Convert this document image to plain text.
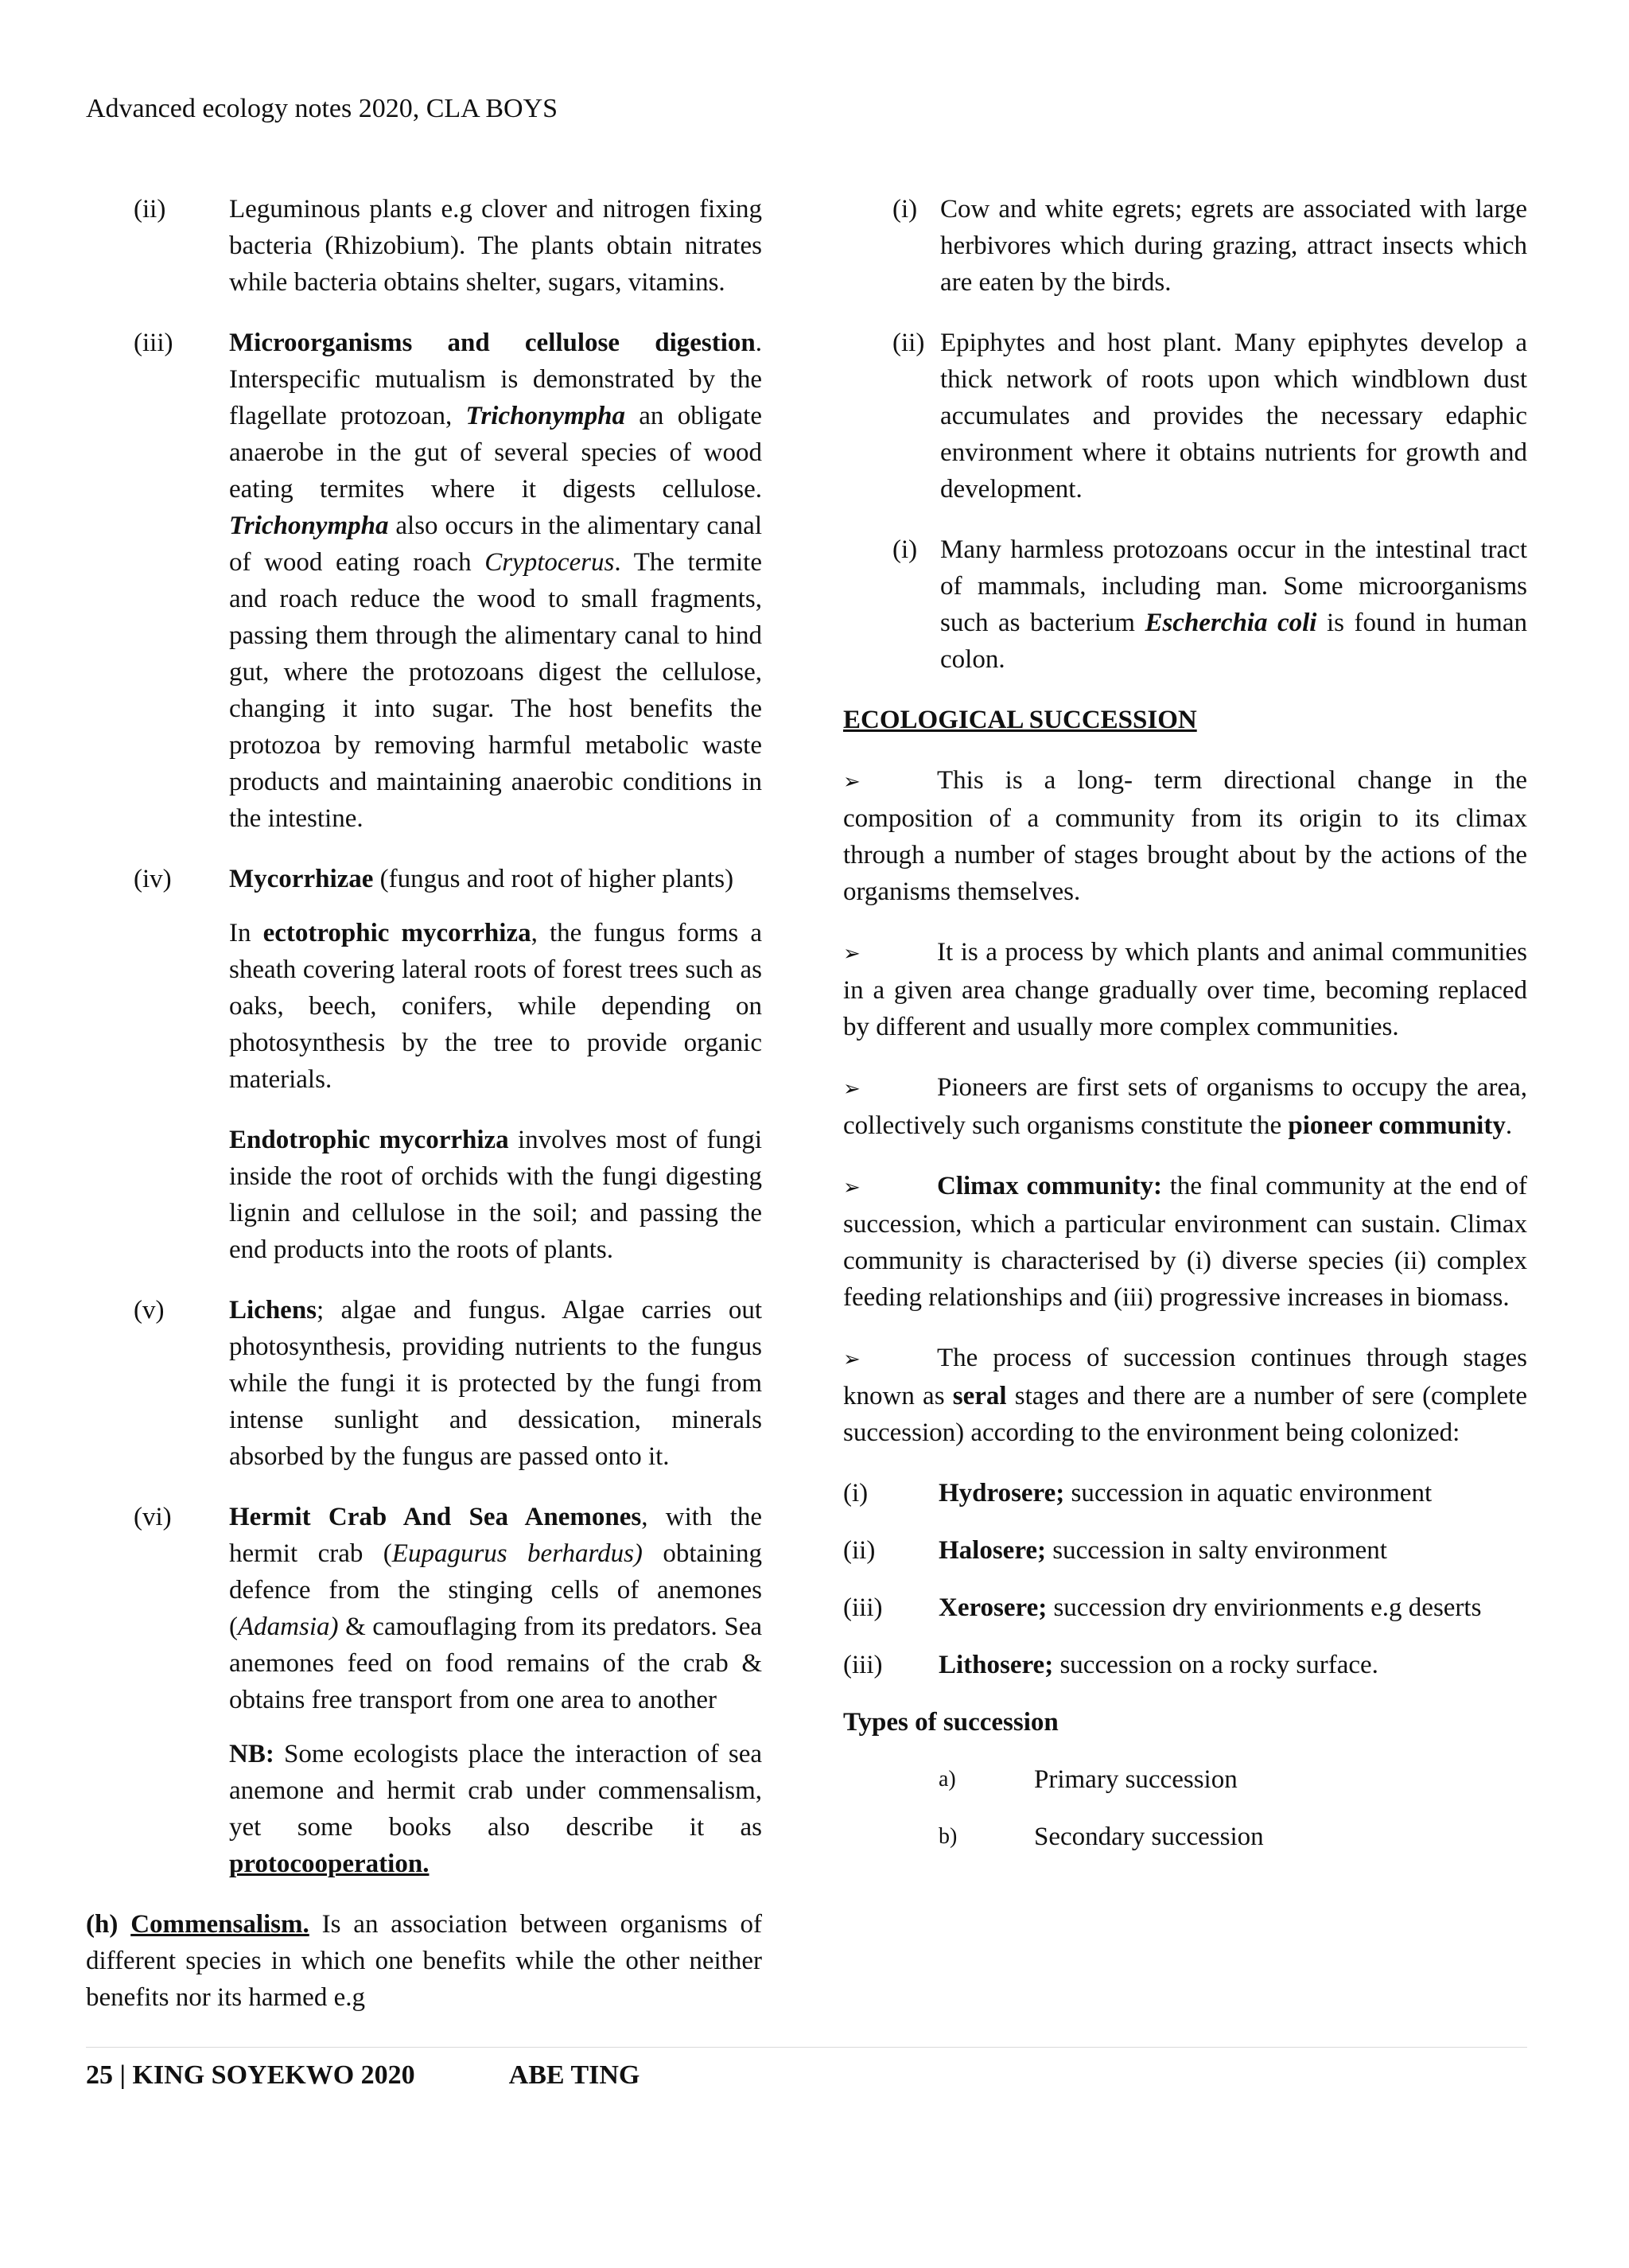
Advanced ecology notes 2020, CLA BOYS
(ii)	Leguminous plants e.g clover and nitrogen fixing bacteria (Rhizobium). The plants obtain nitrates while bacteria obtains shelter, sugars, vitamins.
(iii)	Microorganisms and cellulose digestion. Interspecific mutualism is demonstrated by the flagellate protozoan, Trichonympha an obligate anaerobe in the gut of several species of wood eating termites where it digests cellulose. Trichonympha also occurs in the alimentary canal of wood eating roach Cryptocerus. The termite and roach reduce the wood to small fragments, passing them through the alimentary canal to hind gut, where the protozoans digest the cellulose, changing it into sugar. The host benefits the protozoa by removing harmful metabolic waste products and maintaining anaerobic conditions in the intestine.
(iv)	Mycorrhizae (fungus and root of higher plants)
In ectotrophic mycorrhiza, the fungus forms a sheath covering lateral roots of forest trees such as oaks, beech, conifers, while depending on photosynthesis by the tree to provide organic materials.
Endotrophic mycorrhiza involves most of fungi inside the root of orchids with the fungi digesting lignin and cellulose in the soil; and passing the end products into the roots of plants.
(v)	Lichens; algae and fungus. Algae carries out photosynthesis, providing nutrients to the fungus while the fungi it is protected by the fungi from intense sunlight and dessication, minerals absorbed by the fungus are passed onto it.
(vi)	Hermit Crab And Sea Anemones, with the hermit crab (Eupagurus berhardus) obtaining defence from the stinging cells of anemones (Adamsia) & camouflaging from its predators. Sea anemones feed on food remains of the crab & obtains free transport from one area to another
NB: Some ecologists place the interaction of sea anemone and hermit crab under commensalism, yet some books also describe it as protocooperation.
(h) Commensalism. Is an association between organisms of different species in which one benefits while the other neither benefits nor its harmed e.g
(i) Cow and white egrets; egrets are associated with large herbivores which during grazing, attract insects which are eaten by the birds.
(ii) Epiphytes and host plant. Many epiphytes develop a thick network of roots upon which windblown dust accumulates and provides the necessary edaphic environment where it obtains nutrients for growth and development.
(i) Many harmless protozoans occur in the intestinal tract of mammals, including man. Some microorganisms such as bacterium Escherchia coli is found in human colon.
ECOLOGICAL SUCCESSION
➢	This is a long- term directional change in the composition of a community from its origin to its climax through a number of stages brought about by the actions of the organisms themselves.
➢	It is a process by which plants and animal communities in a given area change gradually over time, becoming replaced by different and usually more complex communities.
➢	Pioneers are first sets of organisms to occupy the area, collectively such organisms constitute the pioneer community.
➢	Climax community: the final community at the end of succession, which a particular environment can sustain. Climax community is characterised by (i) diverse species (ii) complex feeding relationships and (iii) progressive increases in biomass.
➢	The process of succession continues through stages known as seral stages and there are a number of sere (complete succession) according to the environment being colonized:
(i)	Hydrosere; succession in aquatic environment
(ii)	Halosere; succession in salty environment
(iii)	Xerosere; succession dry envirionments e.g deserts
(iii)	Lithosere; succession on a rocky surface.
Types of succession
a)	Primary succession
b)	Secondary succession
25 | KING SOYEKWO 2020	ABE TING
